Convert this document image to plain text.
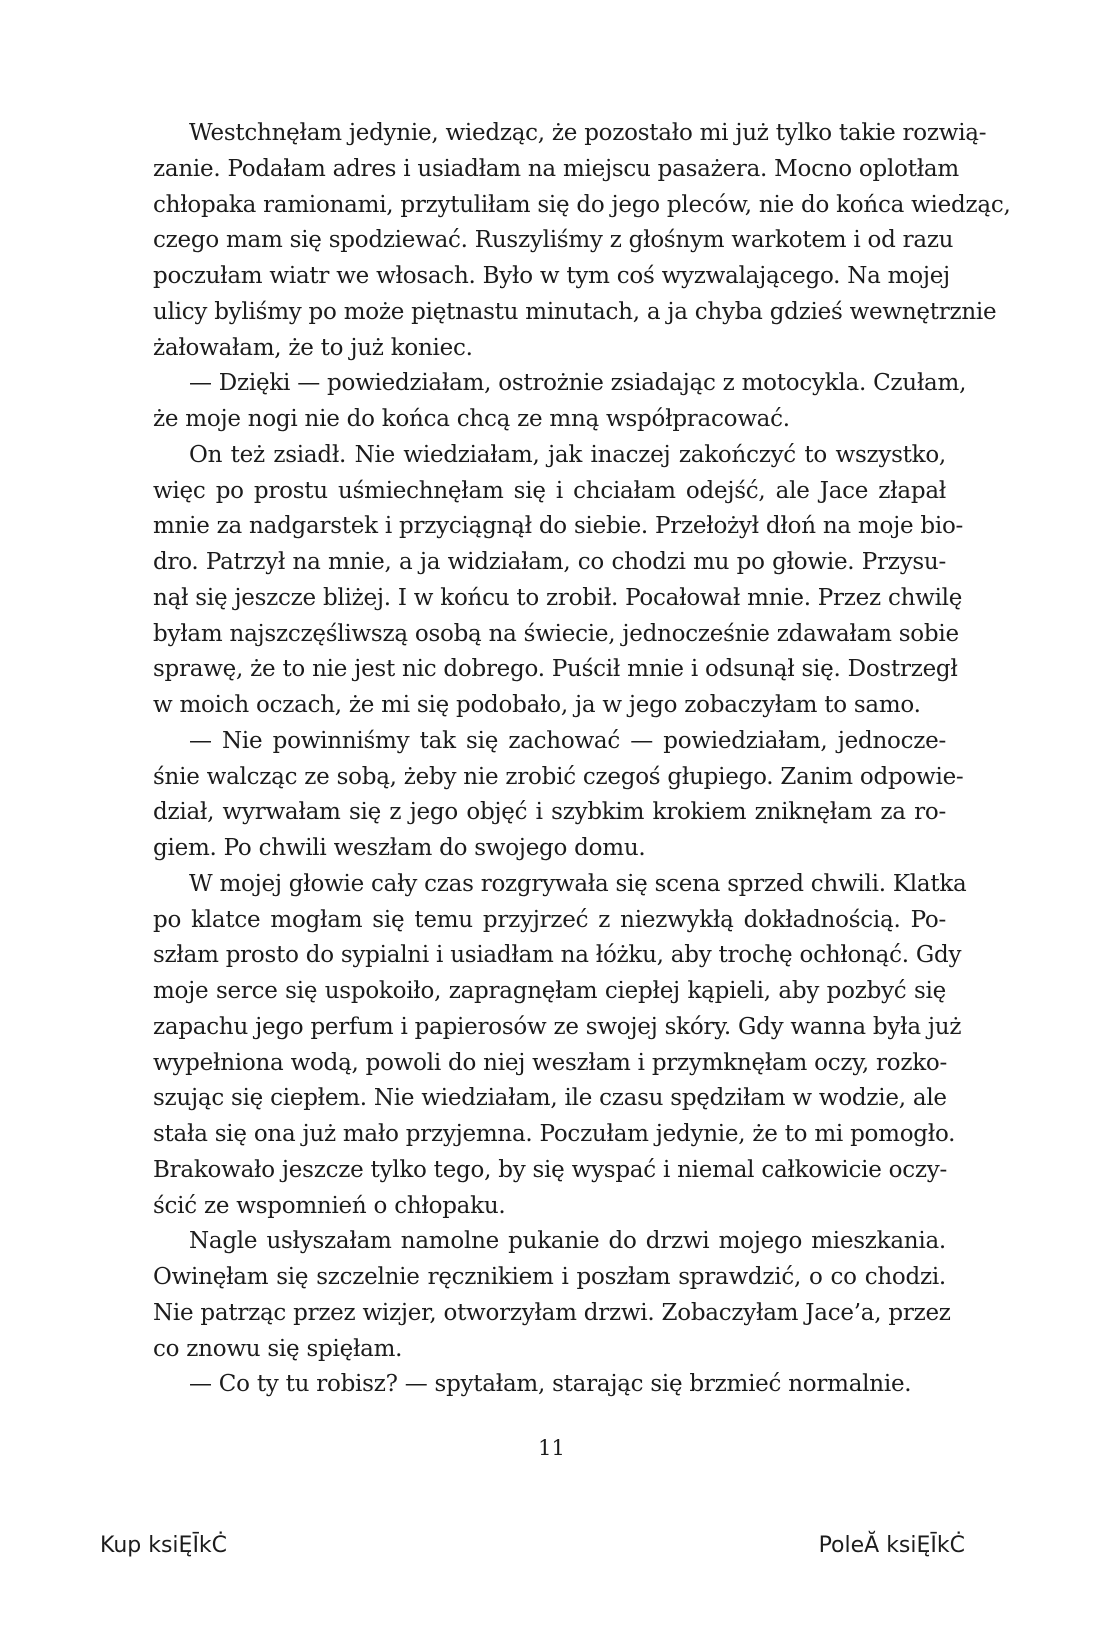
Westchnęłam jedynie, wiedząc, że pozostało mi już tylko takie rozwią-
zanie. Podałam adres i usiadłam na miejscu pasażera. Mocno oplotłam
chłopaka ramionami, przytuliłam się do jego pleców, nie do końca wiedząc,
czego mam się spodziewać. Ruszyliśmy z głośnym warkotem i od razu
poczułam wiatr we włosach. Było w tym coś wyzwalającego. Na mojej
ulicy byliśmy po może piętnastu minutach, a ja chyba gdzieś wewnętrznie
żałowałam, że to już koniec.
— Dzięki — powiedziałam, ostrożnie zsiadając z motocykla. Czułam,
że moje nogi nie do końca chcą ze mną współpracować.
On też zsiadł. Nie wiedziałam, jak inaczej zakończyć to wszystko,
więc po prostu uśmiechnęłam się i chciałam odejść, ale Jace złapał
mnie za nadgarstek i przyciągnął do siebie. Przełożył dłoń na moje bio-
dro. Patrzył na mnie, a ja widziałam, co chodzi mu po głowie. Przysu-
nął się jeszcze bliżej. I w końcu to zrobił. Pocałował mnie. Przez chwilę
byłam najszczęśliwszą osobą na świecie, jednocześnie zdawałam sobie
sprawę, że to nie jest nic dobrego. Puścił mnie i odsunął się. Dostrzegł
w moich oczach, że mi się podobało, ja w jego zobaczyłam to samo.
— Nie powinniśmy tak się zachować — powiedziałam, jednocze-
śnie walcząc ze sobą, żeby nie zrobić czegoś głupiego. Zanim odpowie-
dział, wyrwałam się z jego objęć i szybkim krokiem zniknęłam za ro-
giem. Po chwili weszłam do swojego domu.
W mojej głowie cały czas rozgrywała się scena sprzed chwili. Klatka
po klatce mogłam się temu przyjrzeć z niezwykłą dokładnością. Po-
szłam prosto do sypialni i usiadłam na łóżku, aby trochę ochłonąć. Gdy
moje serce się uspokoiło, zapragnęłam ciepłej kąpieli, aby pozbyć się
zapachu jego perfum i papierosów ze swojej skóry. Gdy wanna była już
wypełniona wodą, powoli do niej weszłam i przymknęłam oczy, rozko-
szując się ciepłem. Nie wiedziałam, ile czasu spędziłam w wodzie, ale
stała się ona już mało przyjemna. Poczułam jedynie, że to mi pomogło.
Brakowało jeszcze tylko tego, by się wyspać i niemal całkowicie oczy-
ścić ze wspomnień o chłopaku.
Nagle usłyszałam namolne pukanie do drzwi mojego mieszkania.
Owinęłam się szczelnie ręcznikiem i poszłam sprawdzić, o co chodzi.
Nie patrząc przez wizjer, otworzyłam drzwi. Zobaczyłam Jace’a, przez
co znowu się spięłam.
— Co ty tu robisz? — spytałam, starając się brzmieć normalnie.
11
Kup ksiĘĪkĊ	PoleĂ ksiĘĪkĊ
